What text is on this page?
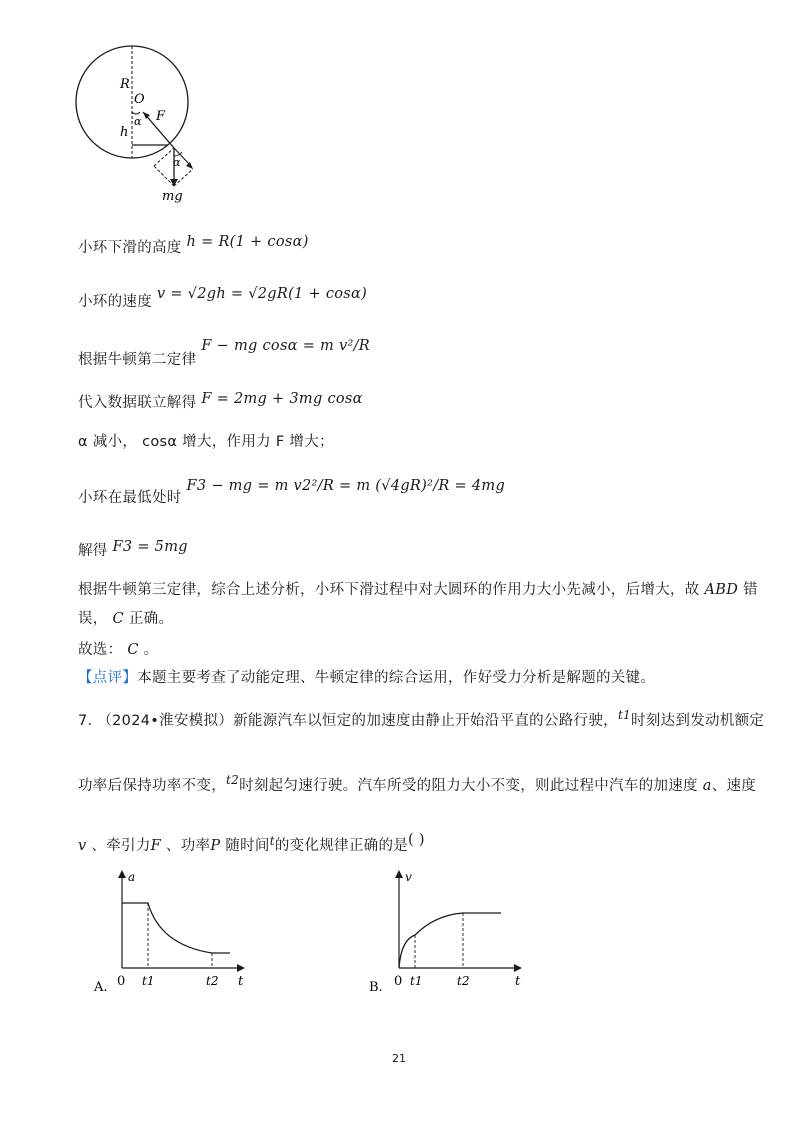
R
O
α F
h
α
mg
小环下滑的高度 h = R(1 + cosα)
小环的速度 v = √2gh = √2gR(1 + cosα)
根据牛顿第二定律 F − mg cosα = m v²/R
代入数据联立解得 F = 2mg + 3mg cosα
α 减小， cosα 增大，作用力 F 增大；
小环在最低处时 F3 − mg = m v2²/R = m (√4gR)²/R = 4mg
解得 F3 = 5mg
根据牛顿第三定律，综合上述分析，小环下滑过程中对大圆环的作用力大小先减小，后增大，故 ABD 错
误， C 正确。
故选： C 。
【点评】本题主要考查了动能定理、牛顿定律的综合运用，作好受力分析是解题的关键。
7. （2024•淮安模拟）新能源汽车以恒定的加速度由静止开始沿平直的公路行驶，$^{t1}$时刻达到发动机额定
功率后保持功率不变，$^{t2}$时刻起匀速行驶。汽车所受的阻力大小不变，则此过程中汽车的加速度 a、速度
v 、牵引力F 、功率P 随时间$^t$的变化规律正确的是( )
a
t
0 t1	t2
A.
v
t
0 t1	t2
B.
21
